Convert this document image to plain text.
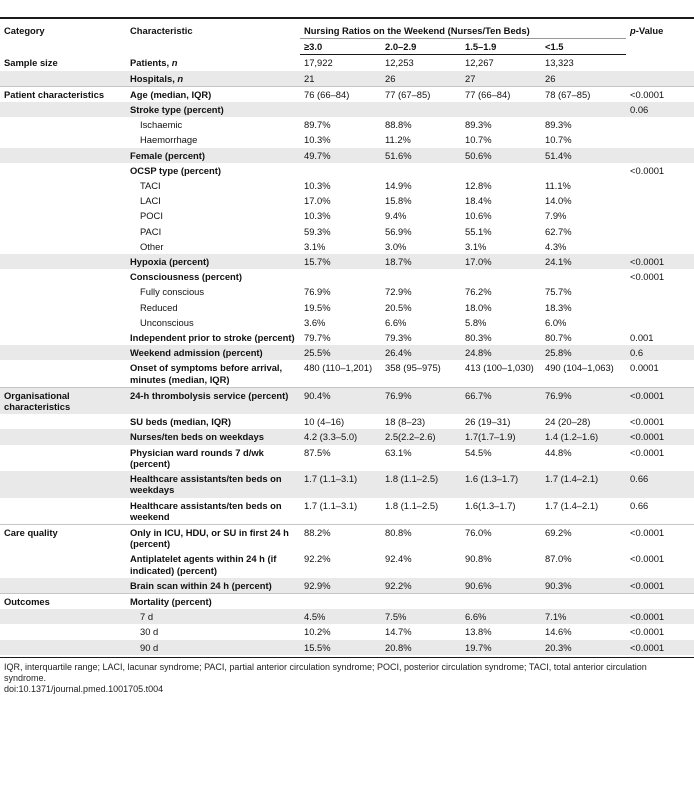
Category	Characteristic	Nursing Ratios on the Weekend (Nurses/Ten Beds)				p-Value
		≥3.0	2.0–2.9	1.5–1.9	<1.5	
Sample size	Patients, n	17,922	12,253	12,267	13,323	
	Hospitals, n	21	26	27	26	
Patient characteristics	Age (median, IQR)	76 (66–84)	77 (67–85)	77 (66–84)	78 (67–85)	<0.0001
	Stroke type (percent)					0.06
	Ischaemic	89.7%	88.8%	89.3%	89.3%	
	Haemorrhage	10.3%	11.2%	10.7%	10.7%	
	Female (percent)	49.7%	51.6%	50.6%	51.4%	
	OCSP type (percent)					<0.0001
	TACI	10.3%	14.9%	12.8%	11.1%	
	LACI	17.0%	15.8%	18.4%	14.0%	
	POCI	10.3%	9.4%	10.6%	7.9%	
	PACI	59.3%	56.9%	55.1%	62.7%	
	Other	3.1%	3.0%	3.1%	4.3%	
	Hypoxia (percent)	15.7%	18.7%	17.0%	24.1%	<0.0001
	Consciousness (percent)					<0.0001
	Fully conscious	76.9%	72.9%	76.2%	75.7%	
	Reduced	19.5%	20.5%	18.0%	18.3%	
	Unconscious	3.6%	6.6%	5.8%	6.0%	
	Independent prior to stroke (percent)	79.7%	79.3%	80.3%	80.7%	0.001
	Weekend admission (percent)	25.5%	26.4%	24.8%	25.8%	0.6
	Onset of symptoms before arrival, minutes (median, IQR)	480 (110–1,201)	358 (95–975)	413 (100–1,030)	490 (104–1,063)	0.0001
Organisational characteristics	24-h thrombolysis service (percent)	90.4%	76.9%	66.7%	76.9%	<0.0001
	SU beds (median, IQR)	10 (4–16)	18 (8–23)	26 (19–31)	24 (20–28)	<0.0001
	Nurses/ten beds on weekdays	4.2 (3.3–5.0)	2.5(2.2–2.6)	1.7(1.7–1.9)	1.4 (1.2–1.6)	<0.0001
	Physician ward rounds 7 d/wk (percent)	87.5%	63.1%	54.5%	44.8%	<0.0001
	Healthcare assistants/ten beds on weekdays	1.7 (1.1–3.1)	1.8 (1.1–2.5)	1.6 (1.3–1.7)	1.7 (1.4–2.1)	0.66
	Healthcare assistants/ten beds on weekend	1.7 (1.1–3.1)	1.8 (1.1–2.5)	1.6(1.3–1.7)	1.7 (1.4–2.1)	0.66
Care quality	Only in ICU, HDU, or SU in first 24 h (percent)	88.2%	80.8%	76.0%	69.2%	<0.0001
	Antiplatelet agents within 24 h (if indicated) (percent)	92.2%	92.4%	90.8%	87.0%	<0.0001
	Brain scan within 24 h (percent)	92.9%	92.2%	90.6%	90.3%	<0.0001
Outcomes	Mortality (percent)					
	7 d	4.5%	7.5%	6.6%	7.1%	<0.0001
	30 d	10.2%	14.7%	13.8%	14.6%	<0.0001
	90 d	15.5%	20.8%	19.7%	20.3%	<0.0001
IQR, interquartile range; LACI, lacunar syndrome; PACI, partial anterior circulation syndrome; POCI, posterior circulation syndrome; TACI, total anterior circulation syndrome.
doi:10.1371/journal.pmed.1001705.t004
